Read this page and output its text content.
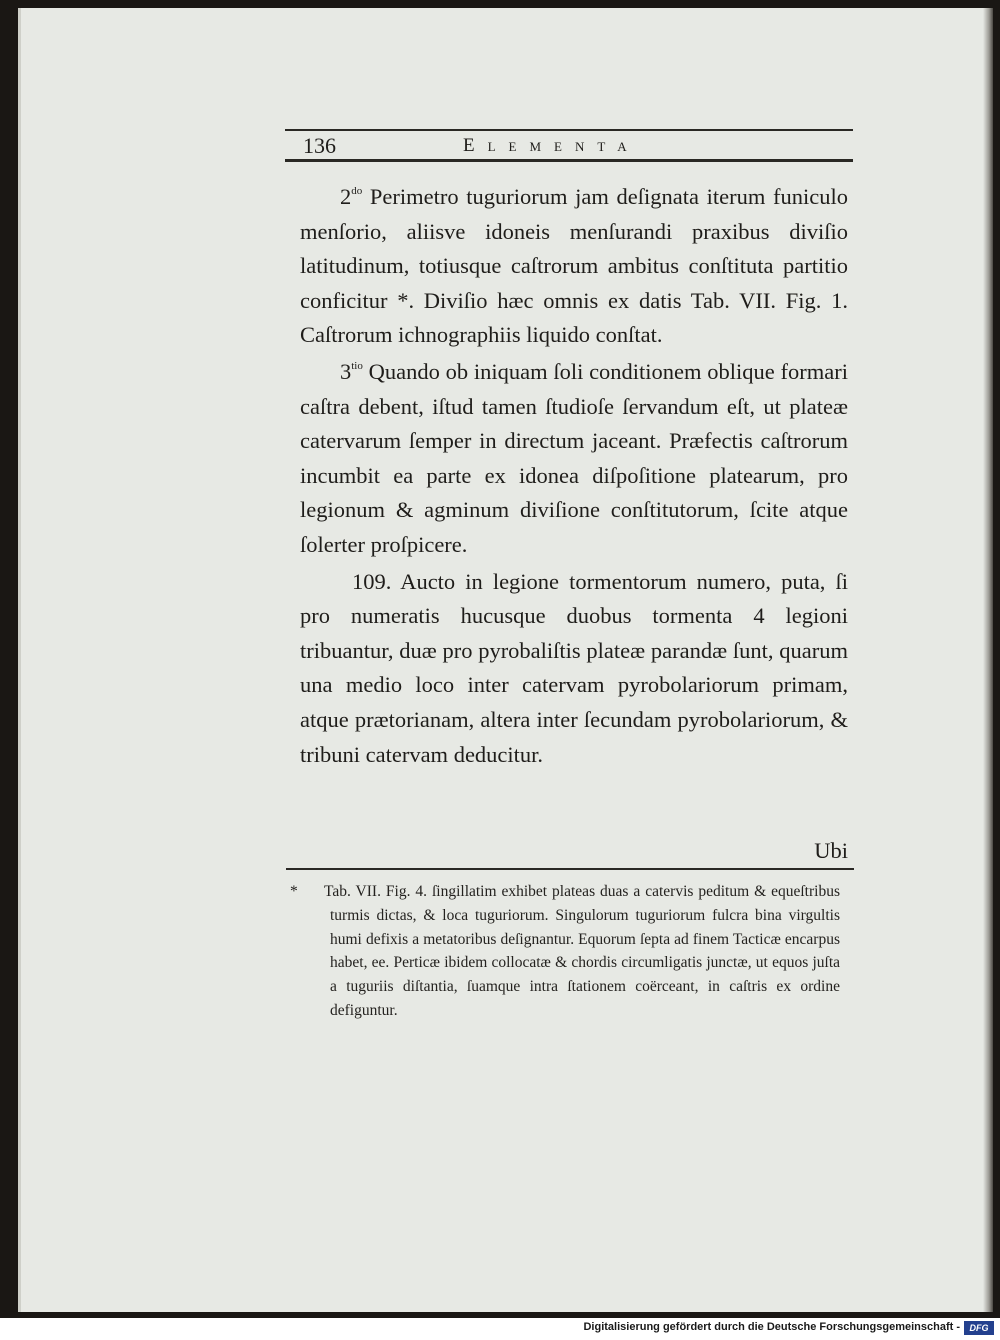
136	Elementa

$2^{do}$ Perimetro tuguriorum jam deſignata iterum funiculo menſorio, aliisve idoneis menſurandi praxibus diviſio latitudinum, totiusque caſtrorum ambitus conſtituta partitio conficitur *. Diviſio hæc omnis ex datis Tab. VII. Fig. 1. Caſtrorum ichnographiis liquido conſtat.

$3^{tio}$ Quando ob iniquam ſoli conditionem oblique formari caſtra debent, iſtud tamen ſtudioſe ſervandum eſt, ut plateæ catervarum ſemper in directum jaceant. Præfectis caſtrorum incumbit ea parte ex idonea diſpoſitione platearum, pro legionum & agminum diviſione conſtitutorum, ſcite atque ſolerter proſpicere.

109. Aucto in legione tormentorum numero, puta, ſi pro numeratis hucusque duobus tormenta 4 legioni tribuantur, duæ pro pyrobaliſtis plateæ parandæ ſunt, quarum una medio loco inter catervam pyrobolariorum primam, atque prætorianam, altera inter ſecundam pyrobolariorum, & tribuni catervam deducitur.

Ubi
* Tab. VII. Fig. 4. ſingillatim exhibet plateas duas a catervis peditum & equeſtribus turmis dictas, & loca tuguriorum. Singulorum tuguriorum fulcra bina virgultis humi defixis a metatoribus deſignantur. Equorum ſepta ad finem Tacticæ encarpus habet, ee. Perticæ ibidem collocatæ & chordis circumligatis junctæ, ut equos juſta a tuguriis diſtantia, ſuamque intra ſtationem coërceant, in caſtris ex ordine defiguntur.
Digitalisierung gefördert durch die Deutsche Forschungsgemeinschaft -	DFG
